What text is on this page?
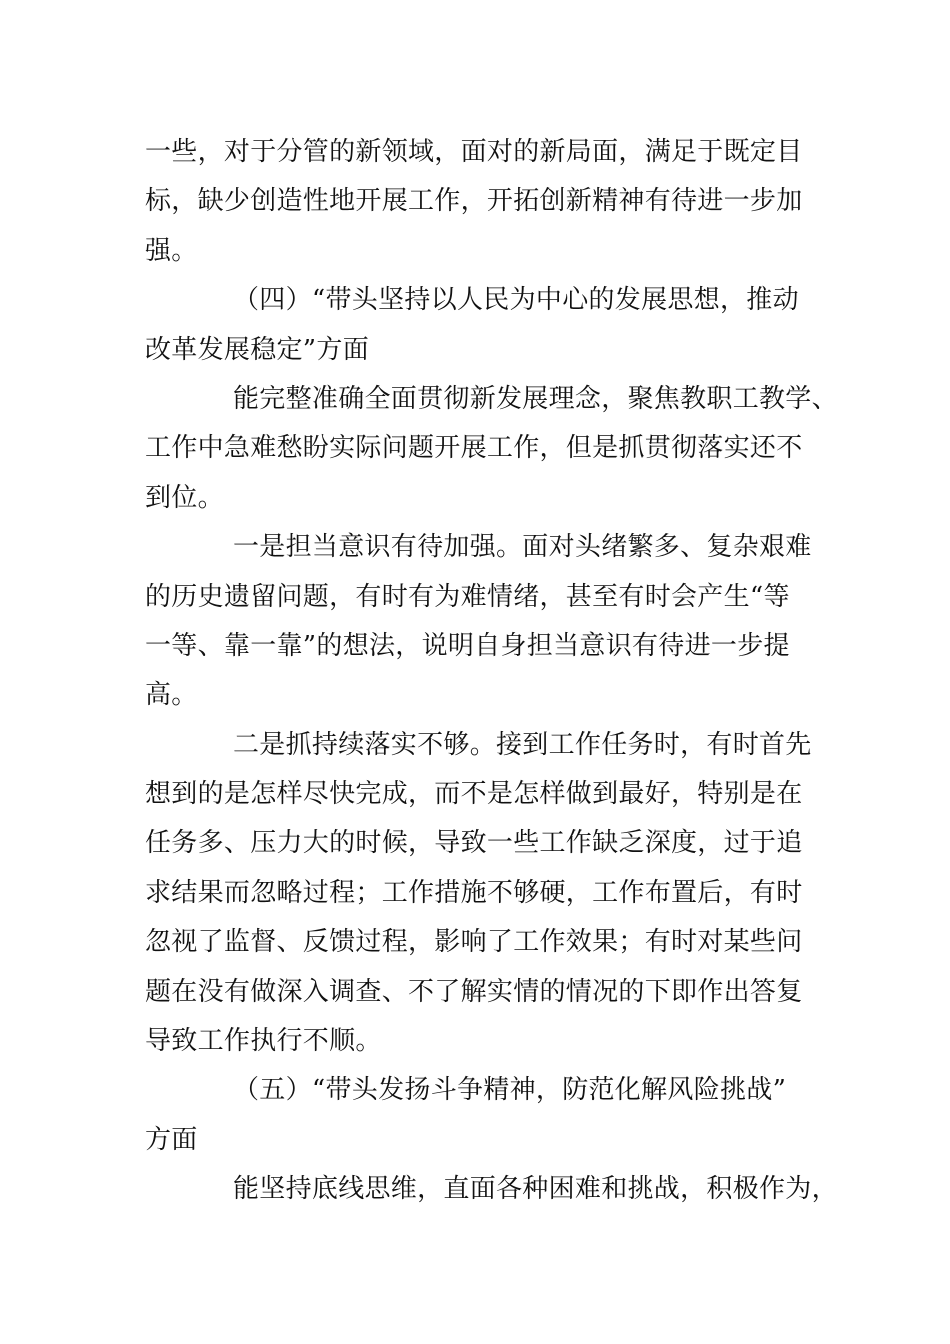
一些，对于分管的新领域，面对的新局面，满足于既定目
标，缺少创造性地开展工作，开拓创新精神有待进一步加
强。
（四）“带头坚持以人民为中心的发展思想，推动
改革发展稳定”方面
能完整准确全面贯彻新发展理念，聚焦教职工教学、
工作中急难愁盼实际问题开展工作，但是抓贯彻落实还不
到位。
一是担当意识有待加强。面对头绪繁多、复杂艰难
的历史遗留问题，有时有为难情绪，甚至有时会产生“等
一等、靠一靠”的想法，说明自身担当意识有待进一步提
高。
二是抓持续落实不够。接到工作任务时，有时首先
想到的是怎样尽快完成，而不是怎样做到最好，特别是在
任务多、压力大的时候，导致一些工作缺乏深度，过于追
求结果而忽略过程；工作措施不够硬，工作布置后，有时
忽视了监督、反馈过程，影响了工作效果；有时对某些问
题在没有做深入调查、不了解实情的情况的下即作出答复
导致工作执行不顺。
（五）“带头发扬斗争精神，防范化解风险挑战”
方面
能坚持底线思维，直面各种困难和挑战，积极作为，
